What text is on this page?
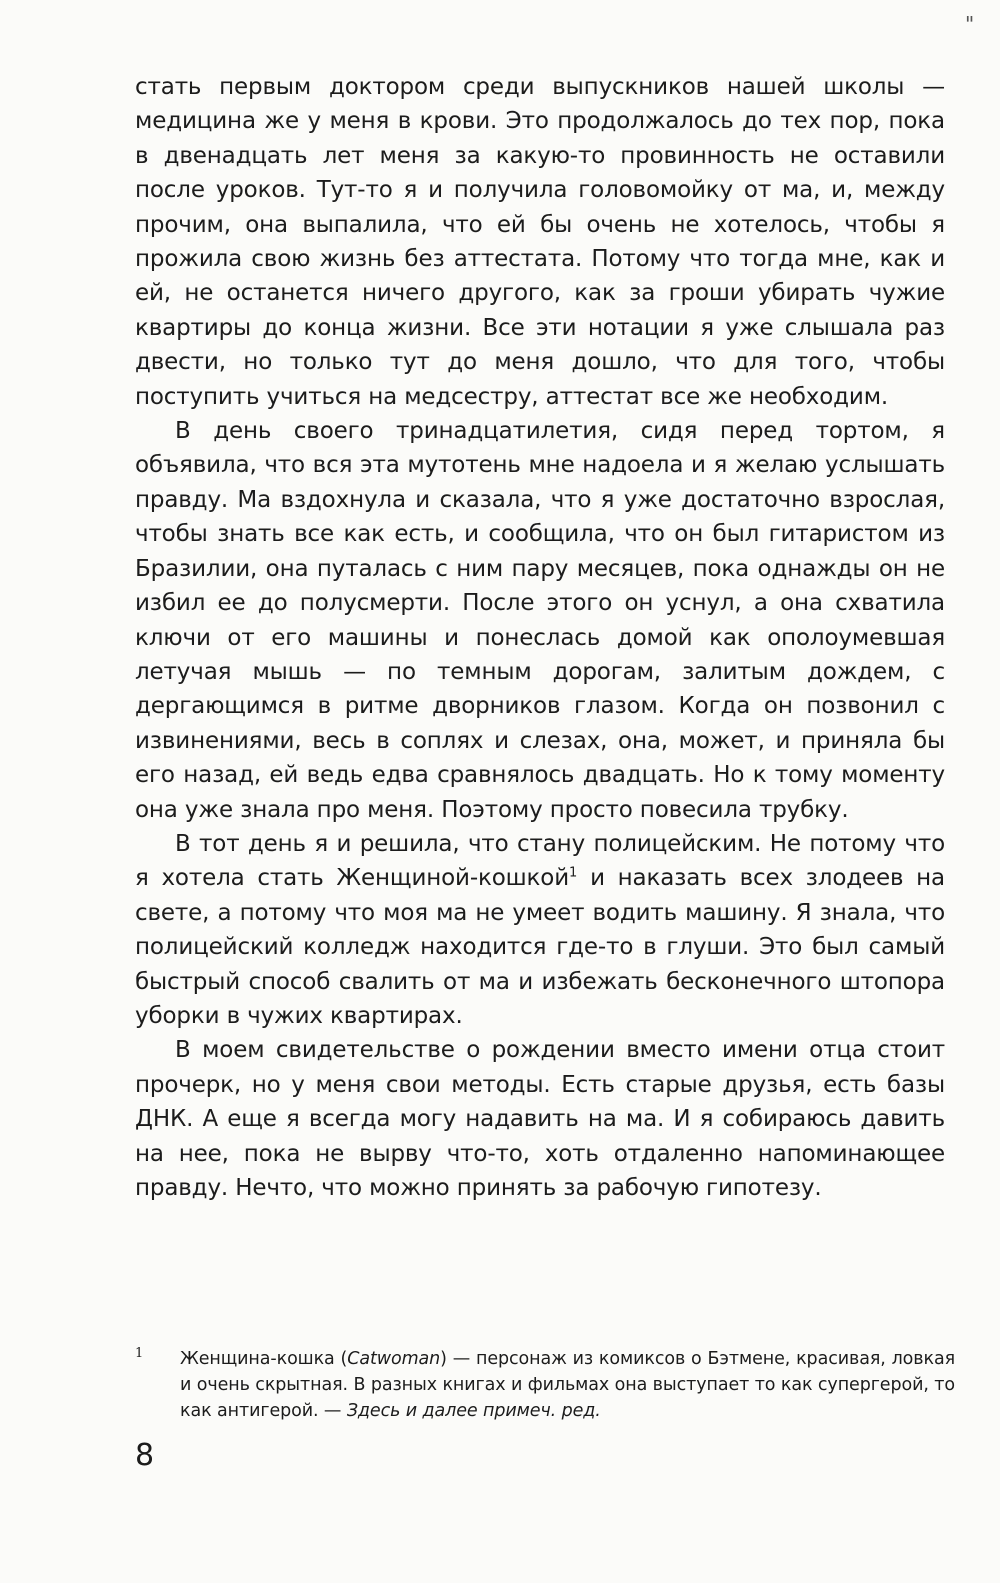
"

стать первым доктором среди выпускников нашей школы — медицина же у меня в крови. Это продолжалось до тех пор, пока в двенадцать лет меня за какую-то провинность не оставили после уроков. Тут-то я и получила головомойку от ма, и, между прочим, она выпалила, что ей бы очень не хотелось, чтобы я прожила свою жизнь без аттестата. Потому что тогда мне, как и ей, не останется ничего другого, как за гроши убирать чужие квартиры до конца жизни. Все эти нотации я уже слышала раз двести, но только тут до меня дошло, что для того, чтобы поступить учиться на медсестру, аттестат все же необходим.

В день своего тринадцатилетия, сидя перед тортом, я объявила, что вся эта мутотень мне надоела и я желаю услышать правду. Ма вздохнула и сказала, что я уже достаточно взрослая, чтобы знать все как есть, и сообщила, что он был гитаристом из Бразилии, она путалась с ним пару месяцев, пока однажды он не избил ее до полусмерти. После этого он уснул, а она схватила ключи от его машины и понеслась домой как ополоумевшая летучая мышь — по темным дорогам, залитым дождем, с дергающимся в ритме дворников глазом. Когда он позвонил с извинениями, весь в соплях и слезах, она, может, и приняла бы его назад, ей ведь едва сравнялось двадцать. Но к тому моменту она уже знала про меня. Поэтому просто повесила трубку.

В тот день я и решила, что стану полицейским. Не потому что я хотела стать Женщиной-кошкой$^1$ и наказать всех злодеев на свете, а потому что моя ма не умеет водить машину. Я знала, что полицейский колледж находится где-то в глуши. Это был самый быстрый способ свалить от ма и избежать бесконечного штопора уборки в чужих квартирах.

В моем свидетельстве о рождении вместо имени отца стоит прочерк, но у меня свои методы. Есть старые друзья, есть базы ДНК. А еще я всегда могу надавить на ма. И я собираюсь давить на нее, пока не вырву что-то, хоть отдаленно напоминающее правду. Нечто, что можно принять за рабочую гипотезу.

1	Женщина-кошка (Catwoman) — персонаж из комиксов о Бэтмене, красивая, ловкая и очень скрытная. В разных книгах и фильмах она выступает то как супергерой, то как антигерой. — Здесь и далее примеч. ред.
8
